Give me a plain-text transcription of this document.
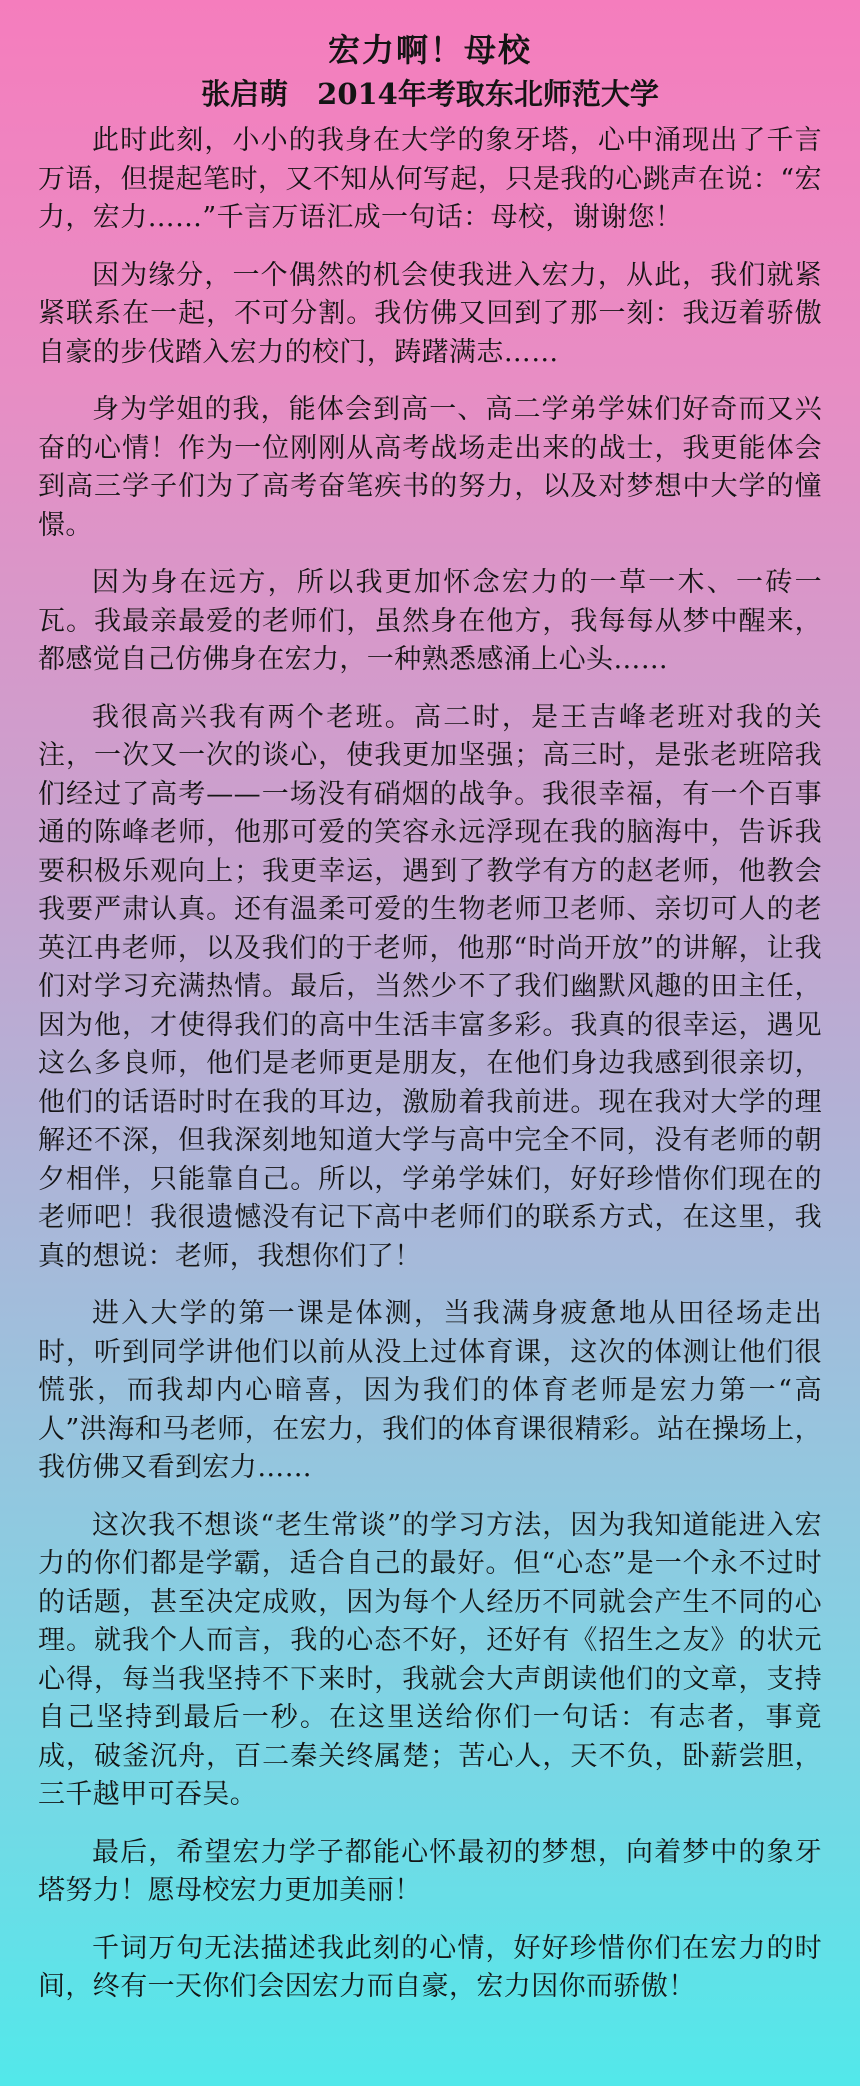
宏力啊！母校
张启萌　2014年考取东北师范大学

此时此刻，小小的我身在大学的象牙塔，心中涌现出了千言万语，但提起笔时，又不知从何写起，只是我的心跳声在说：“宏力，宏力……”千言万语汇成一句话：母校，谢谢您！

因为缘分，一个偶然的机会使我进入宏力，从此，我们就紧紧联系在一起，不可分割。我仿佛又回到了那一刻：我迈着骄傲自豪的步伐踏入宏力的校门，踌躇满志……

身为学姐的我，能体会到高一、高二学弟学妹们好奇而又兴奋的心情！作为一位刚刚从高考战场走出来的战士，我更能体会到高三学子们为了高考奋笔疾书的努力，以及对梦想中大学的憧憬。

因为身在远方，所以我更加怀念宏力的一草一木、一砖一瓦。我最亲最爱的老师们，虽然身在他方，我每每从梦中醒来，都感觉自己仿佛身在宏力，一种熟悉感涌上心头……

我很高兴我有两个老班。高二时，是王吉峰老班对我的关注，一次又一次的谈心，使我更加坚强；高三时，是张老班陪我们经过了高考——一场没有硝烟的战争。我很幸福，有一个百事通的陈峰老师，他那可爱的笑容永远浮现在我的脑海中，告诉我要积极乐观向上；我更幸运，遇到了教学有方的赵老师，他教会我要严肃认真。还有温柔可爱的生物老师卫老师、亲切可人的老英江冉老师，以及我们的于老师，他那“时尚开放”的讲解，让我们对学习充满热情。最后，当然少不了我们幽默风趣的田主任，因为他，才使得我们的高中生活丰富多彩。我真的很幸运，遇见这么多良师，他们是老师更是朋友，在他们身边我感到很亲切，他们的话语时时在我的耳边，激励着我前进。现在我对大学的理解还不深，但我深刻地知道大学与高中完全不同，没有老师的朝夕相伴，只能靠自己。所以，学弟学妹们，好好珍惜你们现在的老师吧！我很遗憾没有记下高中老师们的联系方式，在这里，我真的想说：老师，我想你们了！

进入大学的第一课是体测，当我满身疲惫地从田径场走出时，听到同学讲他们以前从没上过体育课，这次的体测让他们很慌张，而我却内心暗喜，因为我们的体育老师是宏力第一“高人”洪海和马老师，在宏力，我们的体育课很精彩。站在操场上，我仿佛又看到宏力……

这次我不想谈“老生常谈”的学习方法，因为我知道能进入宏力的你们都是学霸，适合自己的最好。但“心态”是一个永不过时的话题，甚至决定成败，因为每个人经历不同就会产生不同的心理。就我个人而言，我的心态不好，还好有《招生之友》的状元心得，每当我坚持不下来时，我就会大声朗读他们的文章，支持自己坚持到最后一秒。在这里送给你们一句话：有志者，事竟成，破釜沉舟，百二秦关终属楚；苦心人，天不负，卧薪尝胆，三千越甲可吞吴。

最后，希望宏力学子都能心怀最初的梦想，向着梦中的象牙塔努力！愿母校宏力更加美丽！

千词万句无法描述我此刻的心情，好好珍惜你们在宏力的时间，终有一天你们会因宏力而自豪，宏力因你而骄傲！
